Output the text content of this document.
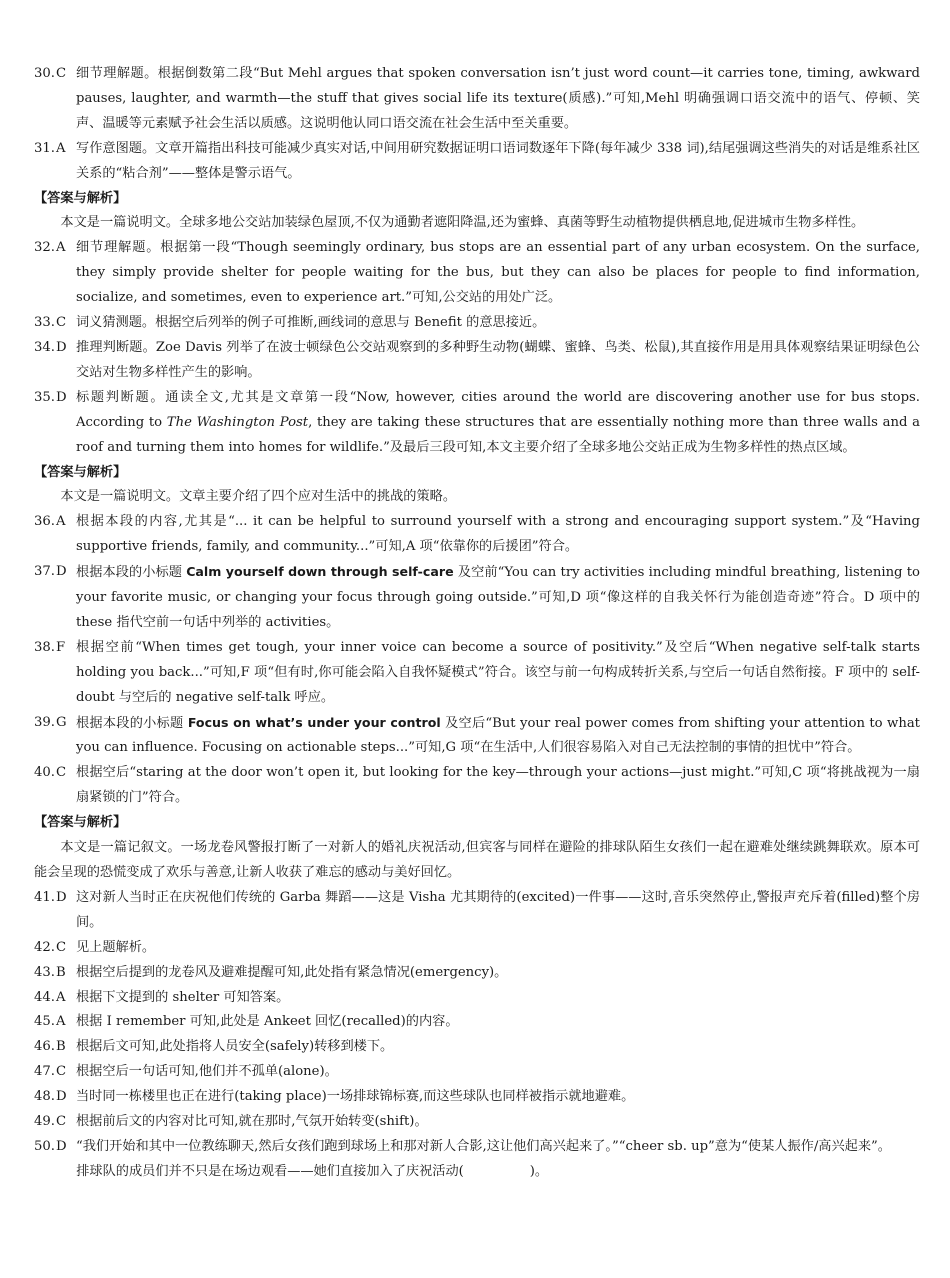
30. C 细节理解题。根据倒数第二段“But Mehl argues that spoken conversation isn’t just word count—it carries tone, timing, awkward pauses, laughter, and warmth—the stuff that gives social life its texture(质感).”可知,Mehl 明确强调口语交流中的语气、停顿、笑声、温暖等元素赋予社会生活以质感。这说明他认同口语交流在社会生活中至关重要。
31. A 写作意图题。文章开篇指出科技可能减少真实对话,中间用研究数据证明口语词数逐年下降(每年减少 338 词),结尾强调这些消失的对话是维系社区关系的“粘合剂”——整体是警示语气。
【答案与解析】
本文是一篇说明文。全球多地公交站加装绿色屋顶,不仅为通勤者遮阳降温,还为蜜蜂、真菌等野生动植物提供栖息地,促进城市生物多样性。
32. A 细节理解题。根据第一段“Though seemingly ordinary, bus stops are an essential part of any urban ecosystem. On the surface, they simply provide shelter for people waiting for the bus, but they can also be places for people to find information, socialize, and sometimes, even to experience art.”可知,公交站的用处广泛。
33. C 词义猜测题。根据空后列举的例子可推断,画线词的意思与 Benefit 的意思接近。
34. D 推理判断题。Zoe Davis 列举了在波士顿绿色公交站观察到的多种野生动物(蝴蝶、蜜蜂、鸟类、松鼠),其直接作用是用具体观察结果证明绿色公交站对生物多样性产生的影响。
35. D 标题判断题。通读全文,尤其是文章第一段“Now, however, cities around the world are discovering another use for bus stops. According to The Washington Post, they are taking these structures that are essentially nothing more than three walls and a roof and turning them into homes for wildlife.”及最后三段可知,本文主要介绍了全球多地公交站正成为生物多样性的热点区域。
【答案与解析】
本文是一篇说明文。文章主要介绍了四个应对生活中的挑战的策略。
36. A 根据本段的内容,尤其是“... it can be helpful to surround yourself with a strong and encouraging support system.”及“Having supportive friends, family, and community...”可知,A 项“依靠你的后援团”符合。
37. D 根据本段的小标题 Calm yourself down through self-care 及空前“You can try activities including mindful breathing, listening to your favorite music, or changing your focus through going outside.”可知,D 项“像这样的自我关怀行为能创造奇迹”符合。D 项中的 these 指代空前一句话中列举的 activities。
38. F 根据空前“When times get tough, your inner voice can become a source of positivity.”及空后“When negative self-talk starts holding you back...”可知,F 项“但有时,你可能会陷入自我怀疑模式”符合。该空与前一句构成转折关系,与空后一句话自然衔接。F 项中的 self-doubt 与空后的 negative self-talk 呼应。
39. G 根据本段的小标题 Focus on what’s under your control 及空后“But your real power comes from shifting your attention to what you can influence. Focusing on actionable steps...”可知,G 项“在生活中,人们很容易陷入对自己无法控制的事情的担忧中”符合。
40. C 根据空后“staring at the door won’t open it, but looking for the key—through your actions—just might.”可知,C 项“将挑战视为一扇扇紧锁的门”符合。
【答案与解析】
本文是一篇记叙文。一场龙卷风警报打断了一对新人的婚礼庆祝活动,但宾客与同样在避险的排球队陌生女孩们一起在避难处继续跳舞联欢。原本可能会呈现的恐慌变成了欢乐与善意,让新人收获了难忘的感动与美好回忆。
41. D 这对新人当时正在庆祝他们传统的 Garba 舞蹈——这是 Visha 尤其期待的(excited)一件事——这时,音乐突然停止,警报声充斥着(filled)整个房间。
42. C 见上题解析。
43. B 根据空后提到的龙卷风及避难提醒可知,此处指有紧急情况(emergency)。
44. A 根据下文提到的 shelter 可知答案。
45. A 根据 I remember 可知,此处是 Ankeet 回忆(recalled)的内容。
46. B 根据后文可知,此处指将人员安全(safely)转移到楼下。
47. C 根据空后一句话可知,他们并不孤单(alone)。
48. D 当时同一栋楼里也正在进行(taking place)一场排球锦标赛,而这些球队也同样被指示就地避难。
49. C 根据前后文的内容对比可知,就在那时,气氛开始转变(shift)。
50. D “我们开始和其中一位教练聊天,然后女孩们跑到球场上和那对新人合影,这让他们高兴起来了。”“cheer sb. up”意为“使某人振作/高兴起来”。
排球队的成员们并不只是在场边观看——她们直接加入了庆祝活动(　　　　　)。
